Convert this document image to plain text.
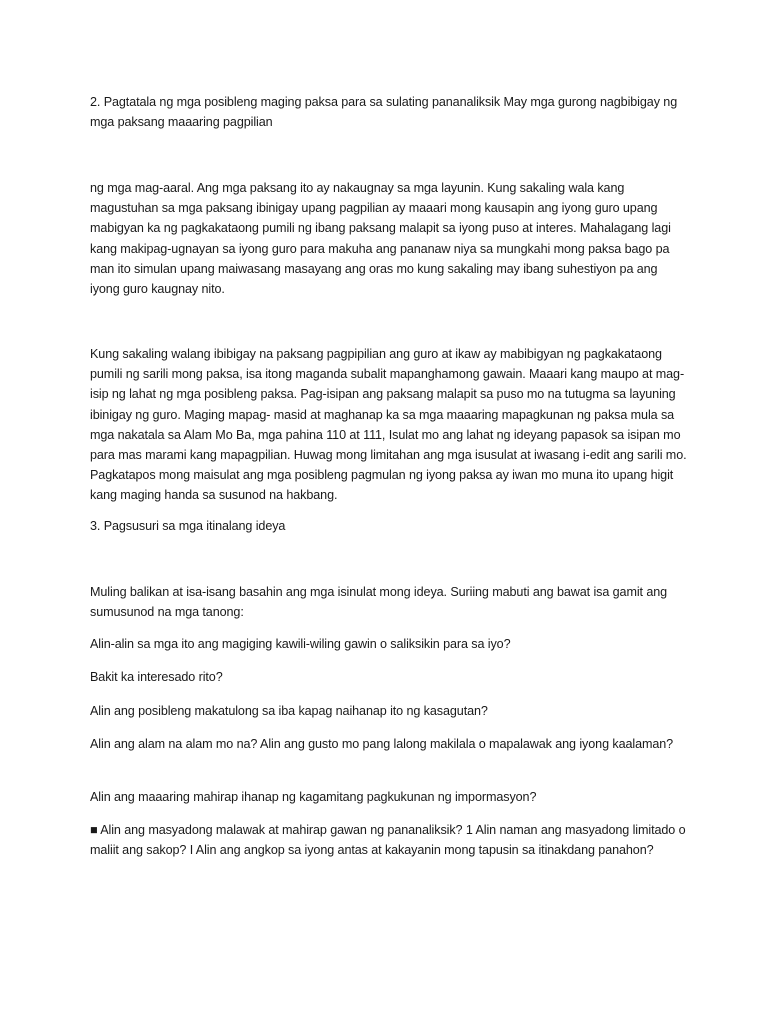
2. Pagtatala ng mga posibleng maging paksa para sa sulating pananaliksik May mga gurong nagbibigay ng mga paksang maaaring pagpilian

ng mga mag-aaral. Ang mga paksang ito ay nakaugnay sa mga layunin. Kung sakaling wala kang magustuhan sa mga paksang ibinigay upang pagpilian ay maaari mong kausapin ang iyong guro upang mabigyan ka ng pagkakataong pumili ng ibang paksang malapit sa iyong puso at interes. Mahalagang lagi kang makipag-ugnayan sa iyong guro para makuha ang pananaw niya sa mungkahi mong paksa bago pa man ito simulan upang maiwasang masayang ang oras mo kung sakaling may ibang suhestiyon pa ang iyong guro kaugnay nito.

Kung sakaling walang ibibigay na paksang pagpipilian ang guro at ikaw ay mabibigyan ng pagkakataong pumili ng sarili mong paksa, isa itong maganda subalit mapanghamong gawain. Maaari kang maupo at mag-isip ng lahat ng mga posibleng paksa. Pag-isipan ang paksang malapit sa puso mo na tutugma sa layuning ibinigay ng guro. Maging mapag- masid at maghanap ka sa mga maaaring mapagkunan ng paksa mula sa mga nakatala sa Alam Mo Ba, mga pahina 110 at 111, Isulat mo ang lahat ng ideyang papasok sa isipan mo para mas marami kang mapagpilian. Huwag mong limitahan ang mga isusulat at iwasang i-edit ang sarili mo. Pagkatapos mong maisulat ang mga posibleng pagmulan ng iyong paksa ay iwan mo muna ito upang higit kang maging handa sa susunod na hakbang.

3. Pagsusuri sa mga itinalang ideya

Muling balikan at isa-isang basahin ang mga isinulat mong ideya. Suriing mabuti ang bawat isa gamit ang sumusunod na mga tanong:

Alin-alin sa mga ito ang magiging kawili-wiling gawin o saliksikin para sa iyo?

Bakit ka interesado rito?

Alin ang posibleng makatulong sa iba kapag naihanap ito ng kasagutan?

Alin ang alam na alam mo na? Alin ang gusto mo pang lalong makilala o mapalawak ang iyong kaalaman?

Alin ang maaaring mahirap ihanap ng kagamitang pagkukunan ng impormasyon?

■ Alin ang masyadong malawak at mahirap gawan ng pananaliksik? 1 Alin naman ang masyadong limitado o maliit ang sakop? I Alin ang angkop sa iyong antas at kakayanin mong tapusin sa itinakdang panahon?
